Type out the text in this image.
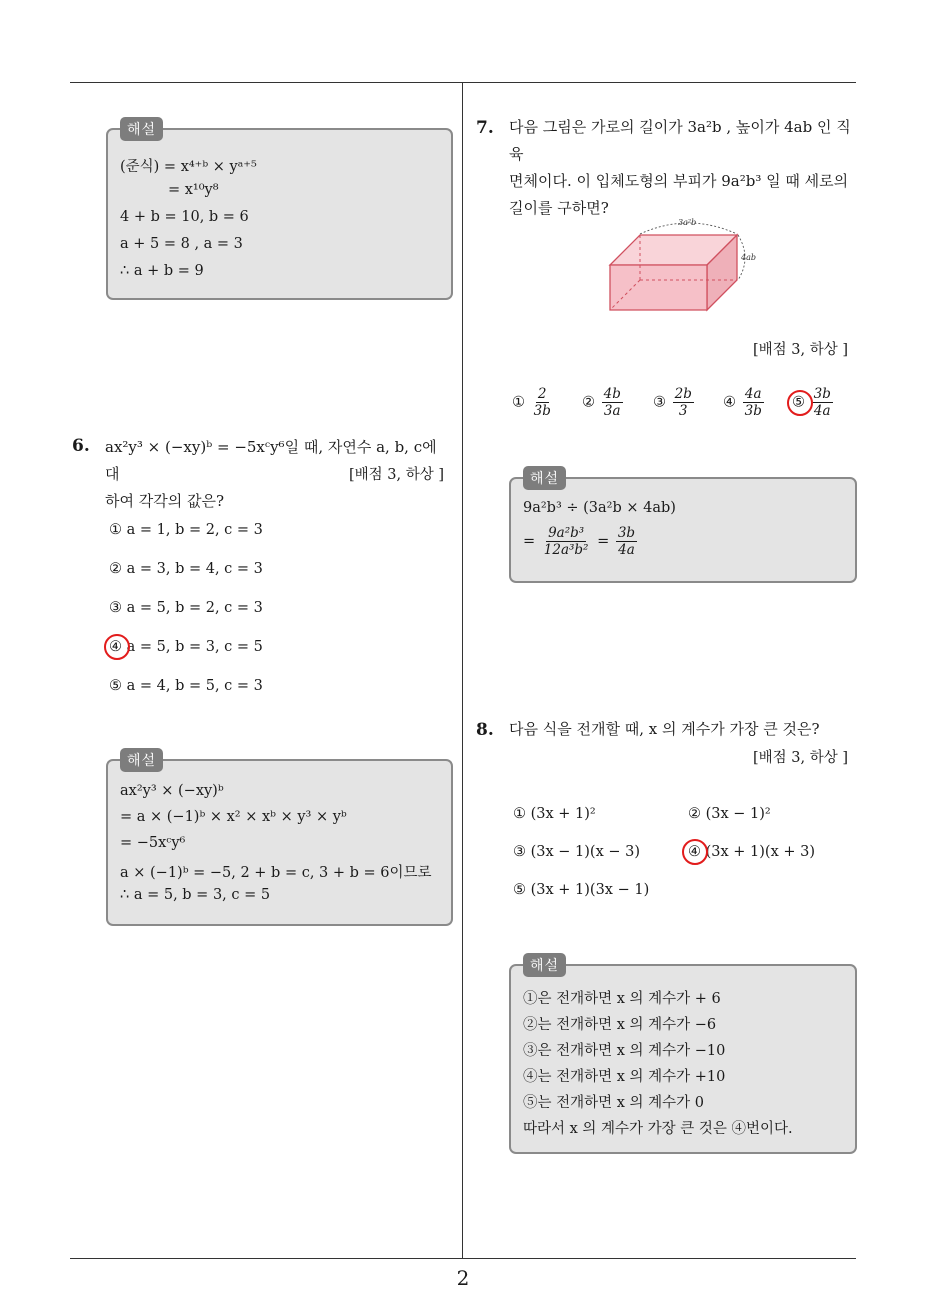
2
해설
(준식) = x⁴⁺ᵇ × yᵃ⁺⁵
= x¹⁰y⁸
4 + b = 10, b = 6
a + 5 = 8 , a = 3
∴ a + b = 9
6. ax²y³ × (−xy)ᵇ = −5xᶜy⁶일 때, 자연수 a, b, c에 대
하여 각각의 값은?
[배점 3, 하상 ]
① a = 1, b = 2, c = 3
② a = 3, b = 4, c = 3
③ a = 5, b = 2, c = 3
④ a = 5, b = 3, c = 5
⑤ a = 4, b = 5, c = 3
해설
ax²y³ × (−xy)ᵇ
= a × (−1)ᵇ × x² × xᵇ × y³ × yᵇ
= −5xᶜy⁶
a × (−1)ᵇ = −5, 2 + b = c, 3 + b = 6이므로
∴ a = 5, b = 3, c = 5
7. 다음 그림은 가로의 길이가 3a²b , 높이가 4ab 인 직육
면체이다. 이 입체도형의 부피가 9a²b³ 일 때 세로의
길이를 구하면?
3a²b
4ab
[배점 3, 하상 ]
① $\frac{2}{3b}$ ② $\frac{4b}{3a}$ ③ $\frac{2b}{3}$ ④ $\frac{4a}{3b}$ ⑤ $\frac{3b}{4a}$
해설
9a²b³ ÷ (3a²b × 4ab)
= $\frac{\text{9a²b³}}{\text{12a³b²}} = \frac{3b}{4a}$
8. 다음 식을 전개할 때, x 의 계수가 가장 큰 것은?
[배점 3, 하상 ]
① (3x + 1)²	② (3x − 1)²
③ (3x − 1)(x − 3)	④ (3x + 1)(x + 3)
⑤ (3x + 1)(3x − 1)
해설
①은 전개하면 x 의 계수가 + 6
②는 전개하면 x 의 계수가 −6
③은 전개하면 x 의 계수가 −10
④는 전개하면 x 의 계수가 +10
⑤는 전개하면 x 의 계수가 0
따라서 x 의 계수가 가장 큰 것은 ④번이다.
